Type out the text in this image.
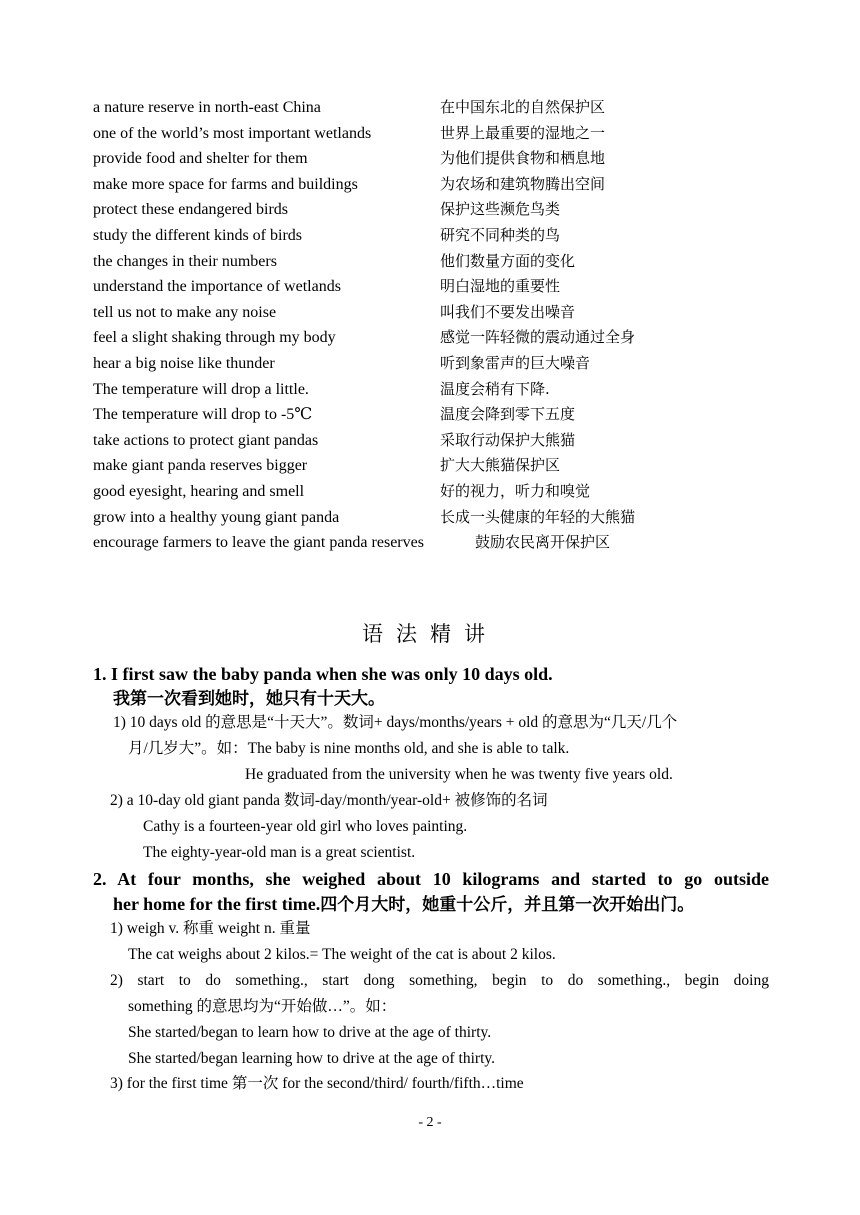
a nature reserve in north-east China	在中国东北的自然保护区
one of the world’s most important wetlands	世界上最重要的湿地之一
provide food and shelter for them	为他们提供食物和栖息地
make more space for farms and buildings	为农场和建筑物腾出空间
protect these endangered birds	保护这些濒危鸟类
study the different kinds of birds	研究不同种类的鸟
the changes in their numbers	他们数量方面的变化
understand the importance of wetlands	明白湿地的重要性
tell us not to make any noise	叫我们不要发出噪音
feel a slight shaking through my body	感觉一阵轻微的震动通过全身
hear a big noise like thunder	听到象雷声的巨大噪音
The temperature will drop a little.	温度会稍有下降.
The temperature will drop to -5℃	温度会降到零下五度
take actions to protect giant pandas	采取行动保护大熊猫
make giant panda reserves bigger	扩大大熊猫保护区
good eyesight, hearing and smell	好的视力，听力和嗅觉
grow into a healthy young giant panda	长成一头健康的年轻的大熊猫
encourage farmers to leave the giant panda reserves	鼓励农民离开保护区
语法精讲
1. I first saw the baby panda when she was only 10 days old.
我第一次看到她时，她只有十天大。
1) 10 days old 的意思是“十天大”。数词+ days/months/years + old 的意思为“几天/几个
月/几岁大”。如：The baby is nine months old, and she is able to talk.
He graduated from the university when he was twenty five years old.
2) a 10-day old giant panda 数词-day/month/year-old+ 被修饰的名词
Cathy is a fourteen-year old girl who loves painting.
The eighty-year-old man is a great scientist.
2. At four months, she weighed about 10 kilograms and started to go outside
her home for the first time.四个月大时，她重十公斤，并且第一次开始出门。
1) weigh v. 称重 weight n. 重量
The cat weighs about 2 kilos.= The weight of the cat is about 2 kilos.
2) start to do something., start dong something, begin to do something., begin doing
something 的意思均为“开始做…”。如：
She started/began to learn how to drive at the age of thirty.
She started/began learning how to drive at the age of thirty.
3) for the first time 第一次 for the second/third/ fourth/fifth…time
- 2 -
